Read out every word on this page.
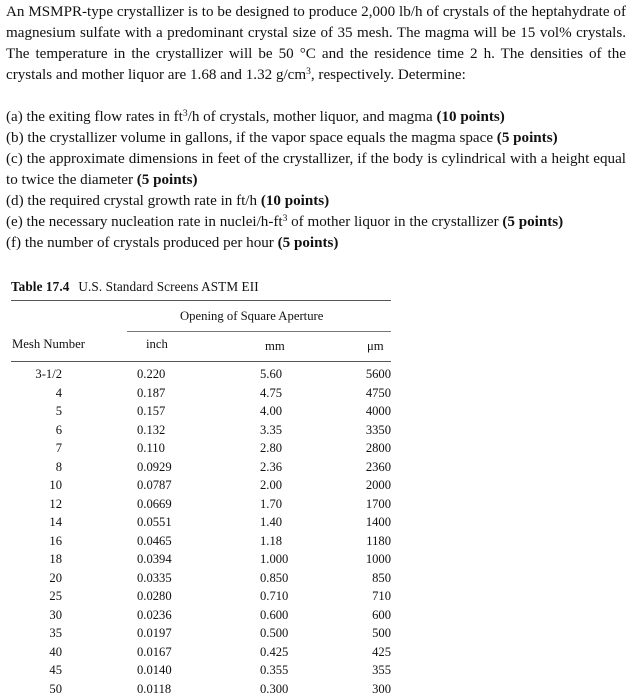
An MSMPR-type crystallizer is to be designed to produce 2,000 lb/h of crystals of the heptahydrate of magnesium sulfate with a predominant crystal size of 35 mesh. The magma will be 15 vol% crystals. The temperature in the crystallizer will be 50 °C and the residence time 2 h. The densities of the crystals and mother liquor are 1.68 and 1.32 $g/cm^3$, respectively. Determine:

(a) the exiting flow rates in $ft^3/h$ of crystals, mother liquor, and magma (10 points)

(b) the crystallizer volume in gallons, if the vapor space equals the magma space (5 points)

(c) the approximate dimensions in feet of the crystallizer, if the body is cylindrical with a height equal to twice the diameter (5 points)

(d) the required crystal growth rate in ft/h (10 points)

(e) the necessary nucleation rate in nuclei/$h-ft^3$ of mother liquor in the crystallizer (5 points)

(f) the number of crystals produced per hour (5 points)

Table 17.4 U.S. Standard Screens ASTM EII
Opening of Square Aperture
Mesh Number	inch	mm	μm
3-1/2	0.220	5.60	5600
4	0.187	4.75	4750
5	0.157	4.00	4000
6	0.132	3.35	3350
7	0.110	2.80	2800
8	0.0929	2.36	2360
10	0.0787	2.00	2000
12	0.0669	1.70	1700
14	0.0551	1.40	1400
16	0.0465	1.18	1180
18	0.0394	1.000	1000
20	0.0335	0.850	850
25	0.0280	0.710	710
30	0.0236	0.600	600
35	0.0197	0.500	500
40	0.0167	0.425	425
45	0.0140	0.355	355
50	0.0118	0.300	300
